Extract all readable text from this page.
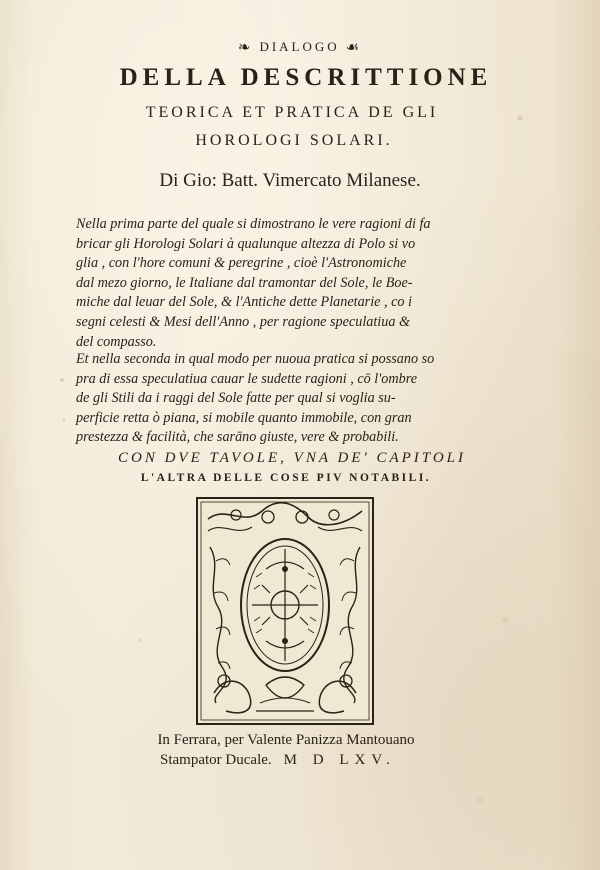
❧ DIALOGO ☙
DELLA DESCRITTIONE
TEORICA ET PRATICA DE GLI
HOROLOGI SOLARI.
Di Gio: Batt. Vimercato Milanese.
Nella prima parte del quale si dimostrano le vere ragioni di fa
bricar gli Horologi Solari à qualunque altezza di Polo si vo
glia , con l'hore comuni & peregrine , cioè l'Astronomiche
dal mezo giorno, le Italiane dal tramontar del Sole, le Boe-
miche dal leuar del Sole, & l'Antiche dette Planetarie , co i
segni celesti & Mesi dell'Anno , per ragione speculatiua &
del compasso.
Et nella seconda in qual modo per nuoua pratica si possano so
pra di essa speculatiua cauar le sudette ragioni , cō l'ombre
de gli Stili da i raggi del Sole fatte per qual si voglia su-
perficie retta ò piana, si mobile quanto immobile, con gran
prestezza & facilità, che sarāno giuste, vere & probabili.
CON DVE TAVOLE, VNA DE' CAPITOLI
L'ALTRA DELLE COSE PIV NOTABILI.
In Ferrara, per Valente Panizza Mantouano
Stampator Ducale. M D LXV.
